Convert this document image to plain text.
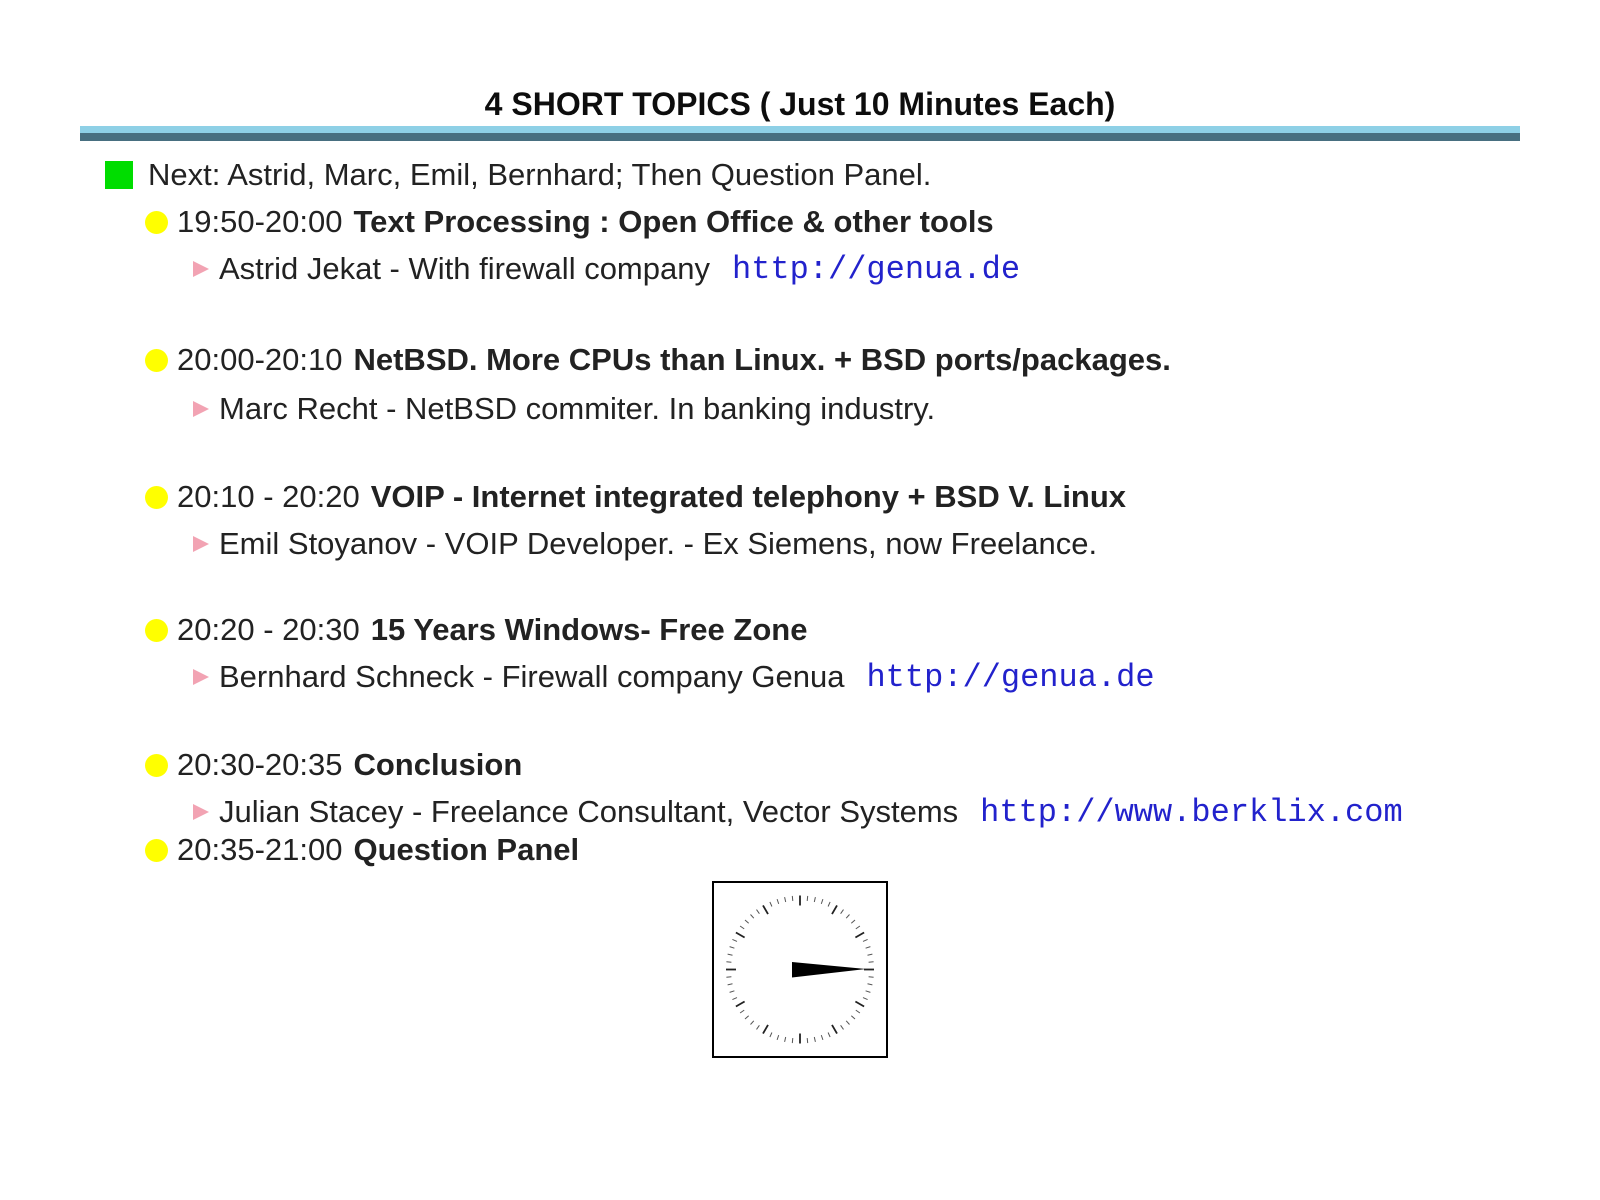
4 SHORT TOPICS ( Just 10 Minutes Each)
Next: Astrid, Marc, Emil, Bernhard; Then Question Panel.
19:50-20:00 Text Processing : Open Office & other tools
Astrid Jekat - With firewall company http://genua.de
20:00-20:10 NetBSD. More CPUs than Linux. + BSD ports/packages.
Marc Recht - NetBSD commiter. In banking industry.
20:10 - 20:20 VOIP - Internet integrated telephony + BSD V. Linux
Emil Stoyanov - VOIP Developer. - Ex Siemens, now Freelance.
20:20 - 20:30 15 Years Windows- Free Zone
Bernhard Schneck - Firewall company Genua http://genua.de
20:30-20:35 Conclusion
Julian Stacey - Freelance Consultant, Vector Systems http://www.berklix.com
20:35-21:00 Question Panel
